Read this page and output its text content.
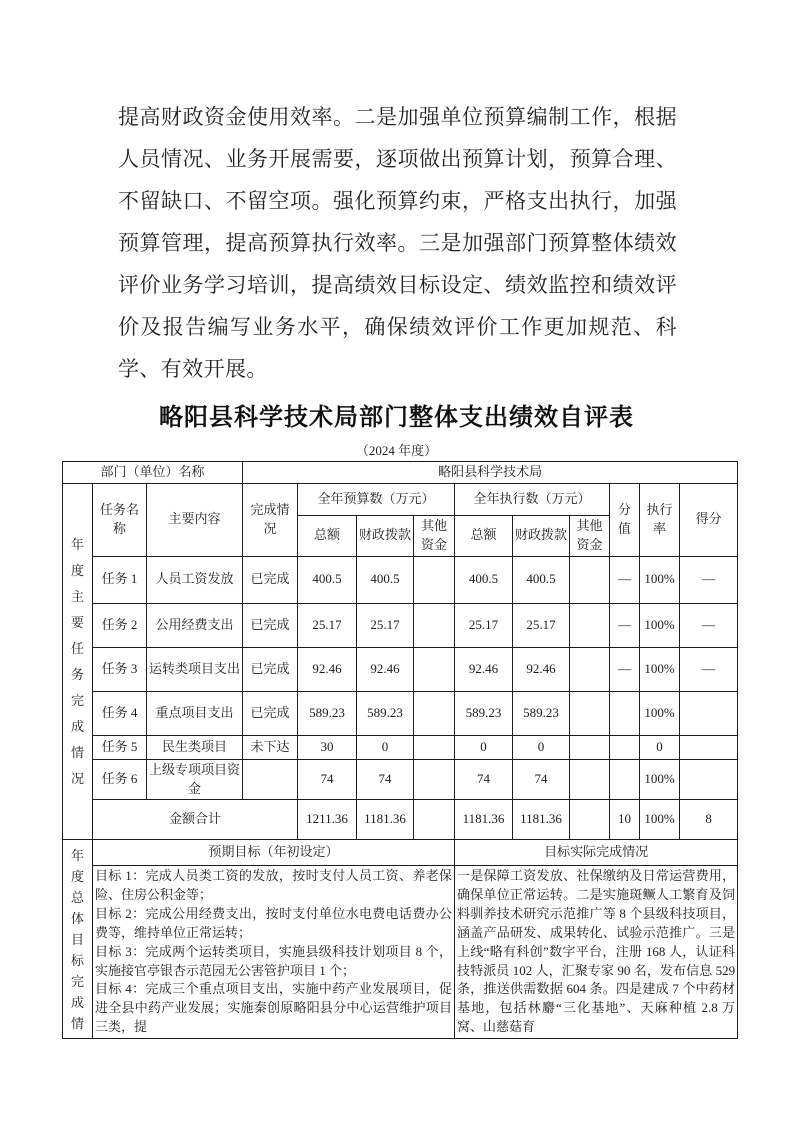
提高财政资金使用效率。二是加强单位预算编制工作，根据人员情况、业务开展需要，逐项做出预算计划，预算合理、不留缺口、不留空项。强化预算约束，严格支出执行，加强预算管理，提高预算执行效率。三是加强部门预算整体绩效评价业务学习培训，提高绩效目标设定、绩效监控和绩效评价及报告编写业务水平，确保绩效评价工作更加规范、科学、有效开展。
略阳县科学技术局部门整体支出绩效自评表
（2024 年度）
部门（单位）名称			略阳县科学技术局									

年度主要任务完成情况	任务名称	主要内容	完成情况	全年预算数（万元）			全年执行数（万元）			分值	执行率	得分
				总额	财政拨款	其他资金	总额	财政拨款	其他资金			
	任务 1	人员工资发放	已完成	400.5	400.5		400.5	400.5		—	100%	—
	任务 2	公用经费支出	已完成	25.17	25.17		25.17	25.17		—	100%	—
	任务 3	运转类项目支出	已完成	92.46	92.46		92.46	92.46		—	100%	—
	任务 4	重点项目支出	已完成	589.23	589.23		589.23	589.23			100%	
	任务 5	民生类项目	未下达	30	0		0	0			0	
	任务 6	上级专项项目资金		74	74		74	74			100%	
	金额合计			1211.36	1181.36		1181.36	1181.36		10	100%	8

年度总体目标完成情	预期目标（年初设定）						目标实际完成情况					

	目标 1：完成人员类工资的发放，按时支付人员工资、养老保险、住房公积金等；

目标 2：完成公用经费支出，按时支付单位水电费电话费办公费等，维持单位正常运转；

目标 3：完成两个运转类项目，实施县级科技计划项目 8 个，实施接官亭银杏示范园无公害管护项目 1 个；

目标 4：完成三个重点项目支出，实施中药产业发展项目，促进全县中药产业发展；实施秦创原略阳县分中心运营维护项目三类，提						一是保障工资发放、社保缴纳及日常运营费用，确保单位正常运转。二是实施斑鳜人工繁育及饲料驯养技术研究示范推广等 8 个县级科技项目，涵盖产品研发、成果转化、试验示范推广。三是上线“略有科创”数字平台，注册 168 人，认证科技特派员 102 人，汇聚专家 90 名，发布信息 529 条，推送供需数据 604 条。四是建成 7 个中药材基地，包括林麝“三化基地”、天麻种植 2.8 万窝、山慈菇育					
